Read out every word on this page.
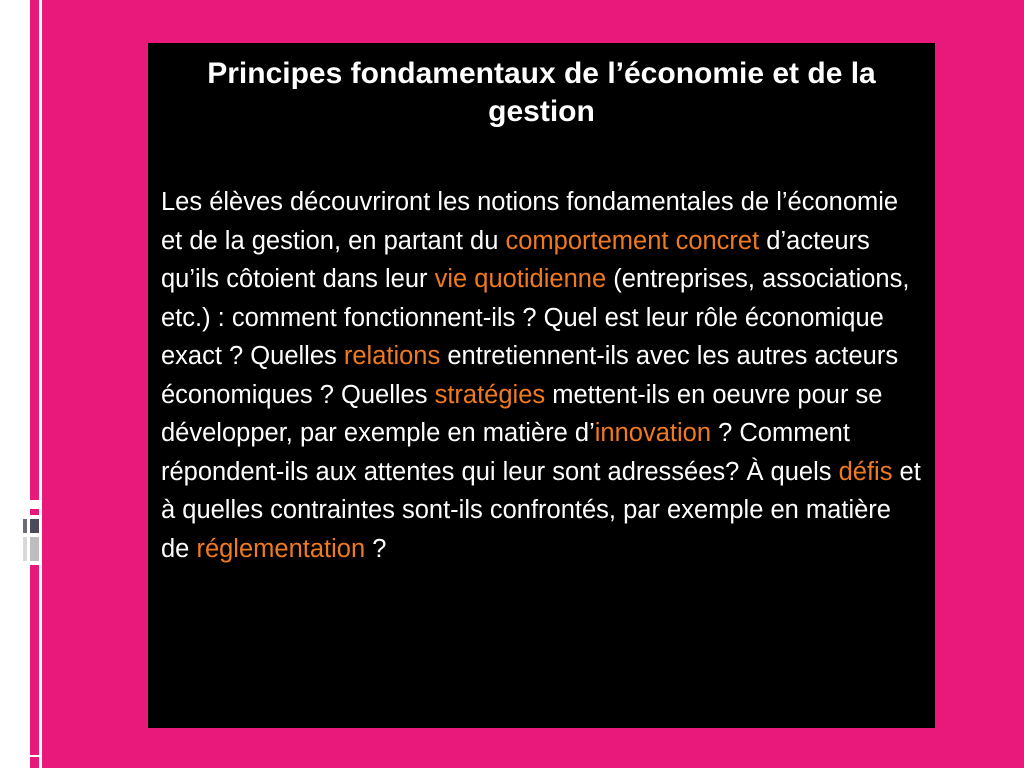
Principes fondamentaux de l’économie et de la gestion

Les élèves découvriront les notions fondamentales de l’économie et de la gestion, en partant du comportement concret d’acteurs qu’ils côtoient dans leur vie quotidienne (entreprises, associations, etc.) : comment fonctionnent-ils ? Quel est leur rôle économique exact ? Quelles relations entretiennent-ils avec les autres acteurs économiques ? Quelles stratégies mettent-ils en oeuvre pour se développer, par exemple en matière d’innovation ? Comment répondent-ils aux attentes qui leur sont adressées? À quels défis et à quelles contraintes sont-ils confrontés, par exemple en matière de réglementation ?
